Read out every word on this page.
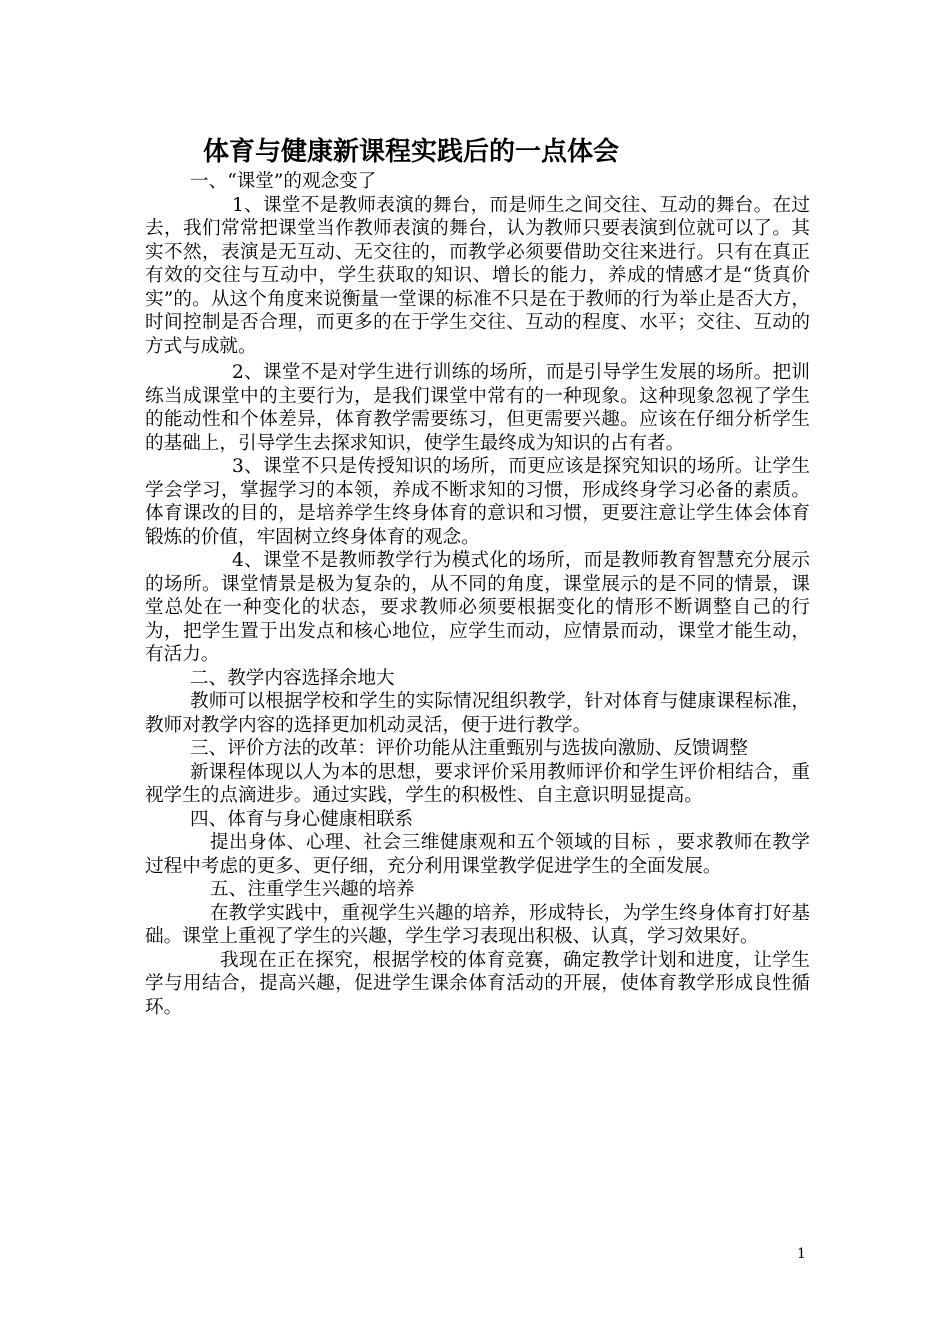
体育与健康新课程实践后的一点体会

一、“课堂”的观念变了

1、课堂不是教师表演的舞台，而是师生之间交往、互动的舞台。在过去，我们常常把课堂当作教师表演的舞台，认为教师只要表演到位就可以了。其实不然，表演是无互动、无交往的，而教学必须要借助交往来进行。只有在真正有效的交往与互动中，学生获取的知识、增长的能力，养成的情感才是“货真价实”的。从这个角度来说衡量一堂课的标准不只是在于教师的行为举止是否大方，时间控制是否合理，而更多的在于学生交往、互动的程度、水平；交往、互动的方式与成就。

2、课堂不是对学生进行训练的场所，而是引导学生发展的场所。把训练当成课堂中的主要行为，是我们课堂中常有的一种现象。这种现象忽视了学生的能动性和个体差异，体育教学需要练习，但更需要兴趣。应该在仔细分析学生的基础上，引导学生去探求知识，使学生最终成为知识的占有者。

3、课堂不只是传授知识的场所，而更应该是探究知识的场所。让学生学会学习，掌握学习的本领，养成不断求知的习惯，形成终身学习必备的素质。体育课改的目的，是培养学生终身体育的意识和习惯，更要注意让学生体会体育锻炼的价值，牢固树立终身体育的观念。

4、课堂不是教师教学行为模式化的场所，而是教师教育智慧充分展示的场所。课堂情景是极为复杂的，从不同的角度，课堂展示的是不同的情景，课堂总处在一种变化的状态，要求教师必须要根据变化的情形不断调整自己的行为，把学生置于出发点和核心地位，应学生而动，应情景而动，课堂才能生动，有活力。

二、教学内容选择余地大

教师可以根据学校和学生的实际情况组织教学，针对体育与健康课程标准，教师对教学内容的选择更加机动灵活，便于进行教学。

三、评价方法的改革：评价功能从注重甄别与选拔向激励、反馈调整

新课程体现以人为本的思想，要求评价采用教师评价和学生评价相结合，重视学生的点滴进步。通过实践，学生的积极性、自主意识明显提高。

四、体育与身心健康相联系

提出身体、心理、社会三维健康观和五个领域的目标 ，要求教师在教学过程中考虑的更多、更仔细，充分利用课堂教学促进学生的全面发展。

五、注重学生兴趣的培养

在教学实践中，重视学生兴趣的培养，形成特长，为学生终身体育打好基础。课堂上重视了学生的兴趣，学生学习表现出积极、认真，学习效果好。

我现在正在探究，根据学校的体育竞赛，确定教学计划和进度，让学生学与用结合，提高兴趣，促进学生课余体育活动的开展，使体育教学形成良性循环。

1
